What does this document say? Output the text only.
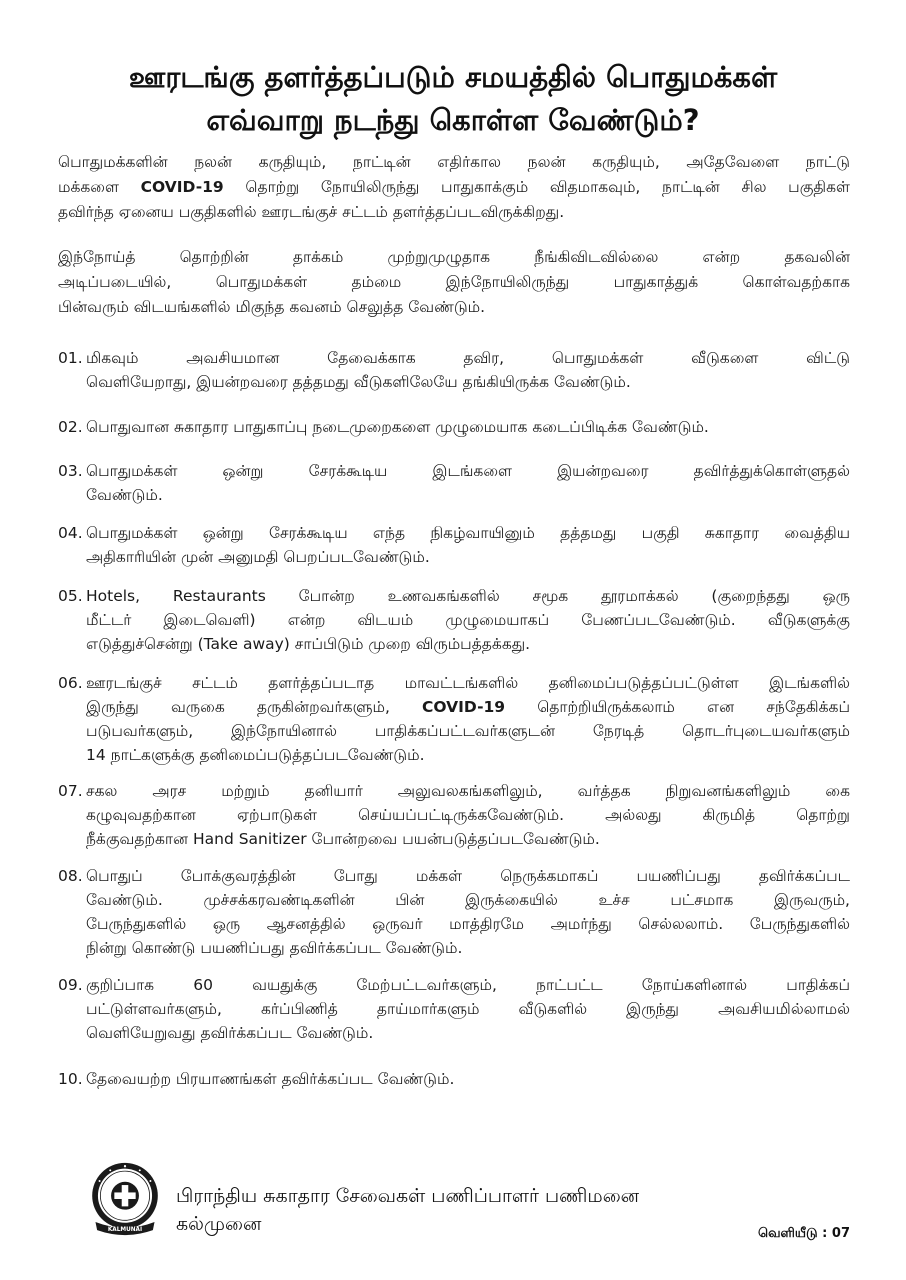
ஊரடங்கு தளர்த்தப்படும் சமயத்தில் பொதுமக்கள்
எவ்வாறு நடந்து கொள்ள வேண்டும்?
பொதுமக்களின் நலன் கருதியும், நாட்டின் எதிர்கால நலன் கருதியும், அதேவேளை நாட்டு
மக்களை COVID-19 தொற்று நோயிலிருந்து பாதுகாக்கும் விதமாகவும், நாட்டின் சில பகுதிகள்
தவிர்ந்த ஏனைய பகுதிகளில் ஊரடங்குச் சட்டம் தளர்த்தப்படவிருக்கிறது.
இந்நோய்த் தொற்றின் தாக்கம் முற்றுமுழுதாக நீங்கிவிடவில்லை என்ற தகவலின்
அடிப்படையில், பொதுமக்கள் தம்மை இந்நோயிலிருந்து பாதுகாத்துக் கொள்வதற்காக
பின்வரும் விடயங்களில் மிகுந்த கவனம் செலுத்த வேண்டும்.
01. மிகவும் அவசியமான தேவைக்காக தவிர, பொதுமக்கள் வீடுகளை விட்டு
வெளியேறாது, இயன்றவரை தத்தமது வீடுகளிலேயே தங்கியிருக்க வேண்டும்.
02. பொதுவான சுகாதார பாதுகாப்பு நடைமுறைகளை முழுமையாக கடைப்பிடிக்க வேண்டும்.
03. பொதுமக்கள் ஒன்று சேரக்கூடிய இடங்களை இயன்றவரை தவிர்த்துக்கொள்ளுதல்
வேண்டும்.
04. பொதுமக்கள் ஒன்று சேரக்கூடிய எந்த நிகழ்வாயினும் தத்தமது பகுதி சுகாதார வைத்திய
அதிகாரியின் முன் அனுமதி பெறப்படவேண்டும்.
05. Hotels, Restaurants போன்ற உணவகங்களில் சமூக தூரமாக்கல் (குறைந்தது ஒரு
மீட்டர் இடைவெளி) என்ற விடயம் முழுமையாகப் பேணப்படவேண்டும். வீடுகளுக்கு
எடுத்துச்சென்று (Take away) சாப்பிடும் முறை விரும்பத்தக்கது.
06. ஊரடங்குச் சட்டம் தளர்த்தப்படாத மாவட்டங்களில் தனிமைப்படுத்தப்பட்டுள்ள இடங்களில்
இருந்து வருகை தருகின்றவர்களும், COVID-19 தொற்றியிருக்கலாம் என சந்தேகிக்கப்
படுபவர்களும், இந்நோயினால் பாதிக்கப்பட்டவர்களுடன் நேரடித் தொடர்புடையவர்களும்
14 நாட்களுக்கு தனிமைப்படுத்தப்படவேண்டும்.
07. சகல அரச மற்றும் தனியார் அலுவலகங்களிலும், வர்த்தக நிறுவனங்களிலும் கை
கழுவுவதற்கான ஏற்பாடுகள் செய்யப்பட்டிருக்கவேண்டும். அல்லது கிருமித் தொற்று
நீக்குவதற்கான Hand Sanitizer போன்றவை பயன்படுத்தப்படவேண்டும்.
08. பொதுப் போக்குவரத்தின் போது மக்கள் நெருக்கமாகப் பயணிப்பது தவிர்க்கப்பட
வேண்டும். முச்சக்கரவண்டிகளின் பின் இருக்கையில் உச்ச பட்சமாக இருவரும்,
பேருந்துகளில் ஒரு ஆசனத்தில் ஒருவர் மாத்திரமே அமர்ந்து செல்லலாம். பேருந்துகளில்
நின்று கொண்டு பயணிப்பது தவிர்க்கப்பட வேண்டும்.
09. குறிப்பாக 60 வயதுக்கு மேற்பட்டவர்களும், நாட்பட்ட நோய்களினால் பாதிக்கப்
பட்டுள்ளவர்களும், கர்ப்பிணித் தாய்மார்களும் வீடுகளில் இருந்து அவசியமில்லாமல்
வெளியேறுவது தவிர்க்கப்பட வேண்டும்.
10. தேவையற்ற பிரயாணங்கள் தவிர்க்கப்பட வேண்டும்.
KALMUNAI
பிராந்திய சுகாதார சேவைகள் பணிப்பாளர் பணிமனை
கல்முனை	வெளியீடு : 07
